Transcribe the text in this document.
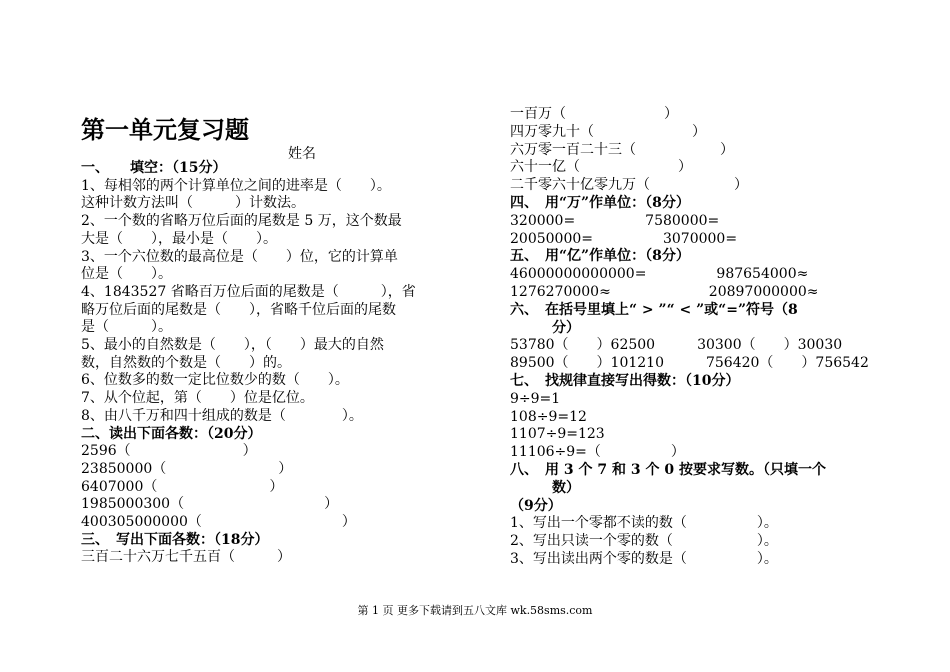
第一单元复习题
姓名
一、　　填空：（15分）
1、每相邻的两个计算单位之间的进率是（　　）。
这种计数方法叫（　　　）计数法。
2、一个数的省略万位后面的尾数是 5 万，这个数最
大是（　　），最小是（　　）。
3、一个六位数的最高位是（　　）位，它的计算单
位是（　　）。
4、1843527 省略百万位后面的尾数是（　　　），省
略万位后面的尾数是（　　），省略千位后面的尾数
是（　　　）。
5、最小的自然数是（　　），（　　）最大的自然
数，自然数的个数是（　　）的。
6、位数多的数一定比位数少的数（　　）。
7、从个位起，第（　　）位是亿位。
8、由八千万和四十组成的数是（　　　　）。
二、读出下面各数：（20分）
2596（　　　　　　　　）
23850000（　　　　　　　　）
6407000（　　　　　　　　）
1985000300（　　　　　　　　　　）
400305000000（　　　　　　　　　　）
三、　写出下面各数：（18分）
三百二十六万七千五百（　　　）
一百万（　　　　　　　）
四万零九十（　　　　　　　）
六万零一百二十三（　　　　　　）
六十一亿（　　　　　　　）
二千零六十亿零九万（　　　　　　）
四、　用“万”作单位：（8分）
320000=　　　　　7580000=
20050000=　　　　　3070000=
五、　用“亿”作单位：（8分）
46000000000000=　　　　　987654000≈
1276270000≈　　　　　　　20897000000≈
六、　在括号里填上“ > ”“ < ”或“=”符号（8
　　　分）
53780（　　）62500　　　30300（　　）30030
89500（　　）101210　　　756420（　　）756542
七、　找规律直接写出得数：（10分）
9÷9=1
108÷9=12
1107÷9=123
11106÷9=（　　　　　）
八、　用 3 个 7 和 3 个 0 按要求写数。（只填一个
　　　数）
（9分）
1、写出一个零都不读的数（　　　　　）。
2、写出只读一个零的数（　　　　　　）。
3、写出读出两个零的数是（　　　　　）。
第 1 页 更多下载请到五八文库 wk.58sms.com
